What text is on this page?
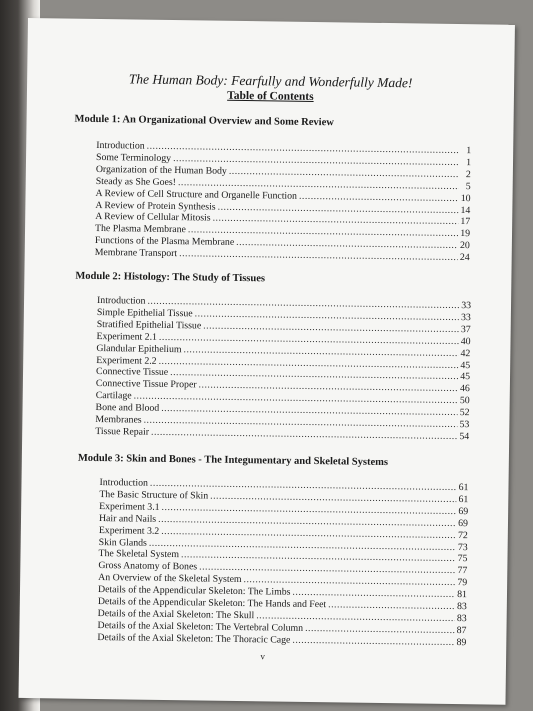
The Human Body: Fearfully and Wonderfully Made!
Table of Contents
Module 1: An Organizational Overview and Some Review
Introduction .....	1
Some Terminology .....	1
Organization of the Human Body .....	2
Steady as She Goes! .....	5
A Review of Cell Structure and Organelle Function .....	10
A Review of Protein Synthesis .....	14
A Review of Cellular Mitosis .....	17
The Plasma Membrane .....	19
Functions of the Plasma Membrane .....	20
Membrane Transport .....	24
Module 2: Histology: The Study of Tissues
Introduction .....	33
Simple Epithelial Tissue .....	33
Stratified Epithelial Tissue .....	37
Experiment 2.1 .....	40
Glandular Epithelium .....	42
Experiment 2.2 .....	45
Connective Tissue .....	45
Connective Tissue Proper .....	46
Cartilage .....	50
Bone and Blood .....	52
Membranes .....	53
Tissue Repair .....	54
Module 3: Skin and Bones - The Integumentary and Skeletal Systems
Introduction .....	61
The Basic Structure of Skin .....	61
Experiment 3.1 .....	69
Hair and Nails .....	69
Experiment 3.2 .....	72
Skin Glands .....	73
The Skeletal System .....	75
Gross Anatomy of Bones .....	77
An Overview of the Skeletal System .....	79
Details of the Appendicular Skeleton: The Limbs .....	81
Details of the Appendicular Skeleton: The Hands and Feet .....	83
Details of the Axial Skeleton: The Skull .....	83
Details of the Axial Skeleton: The Vertebral Column .....	87
Details of the Axial Skeleton: The Thoracic Cage .....	89
v
